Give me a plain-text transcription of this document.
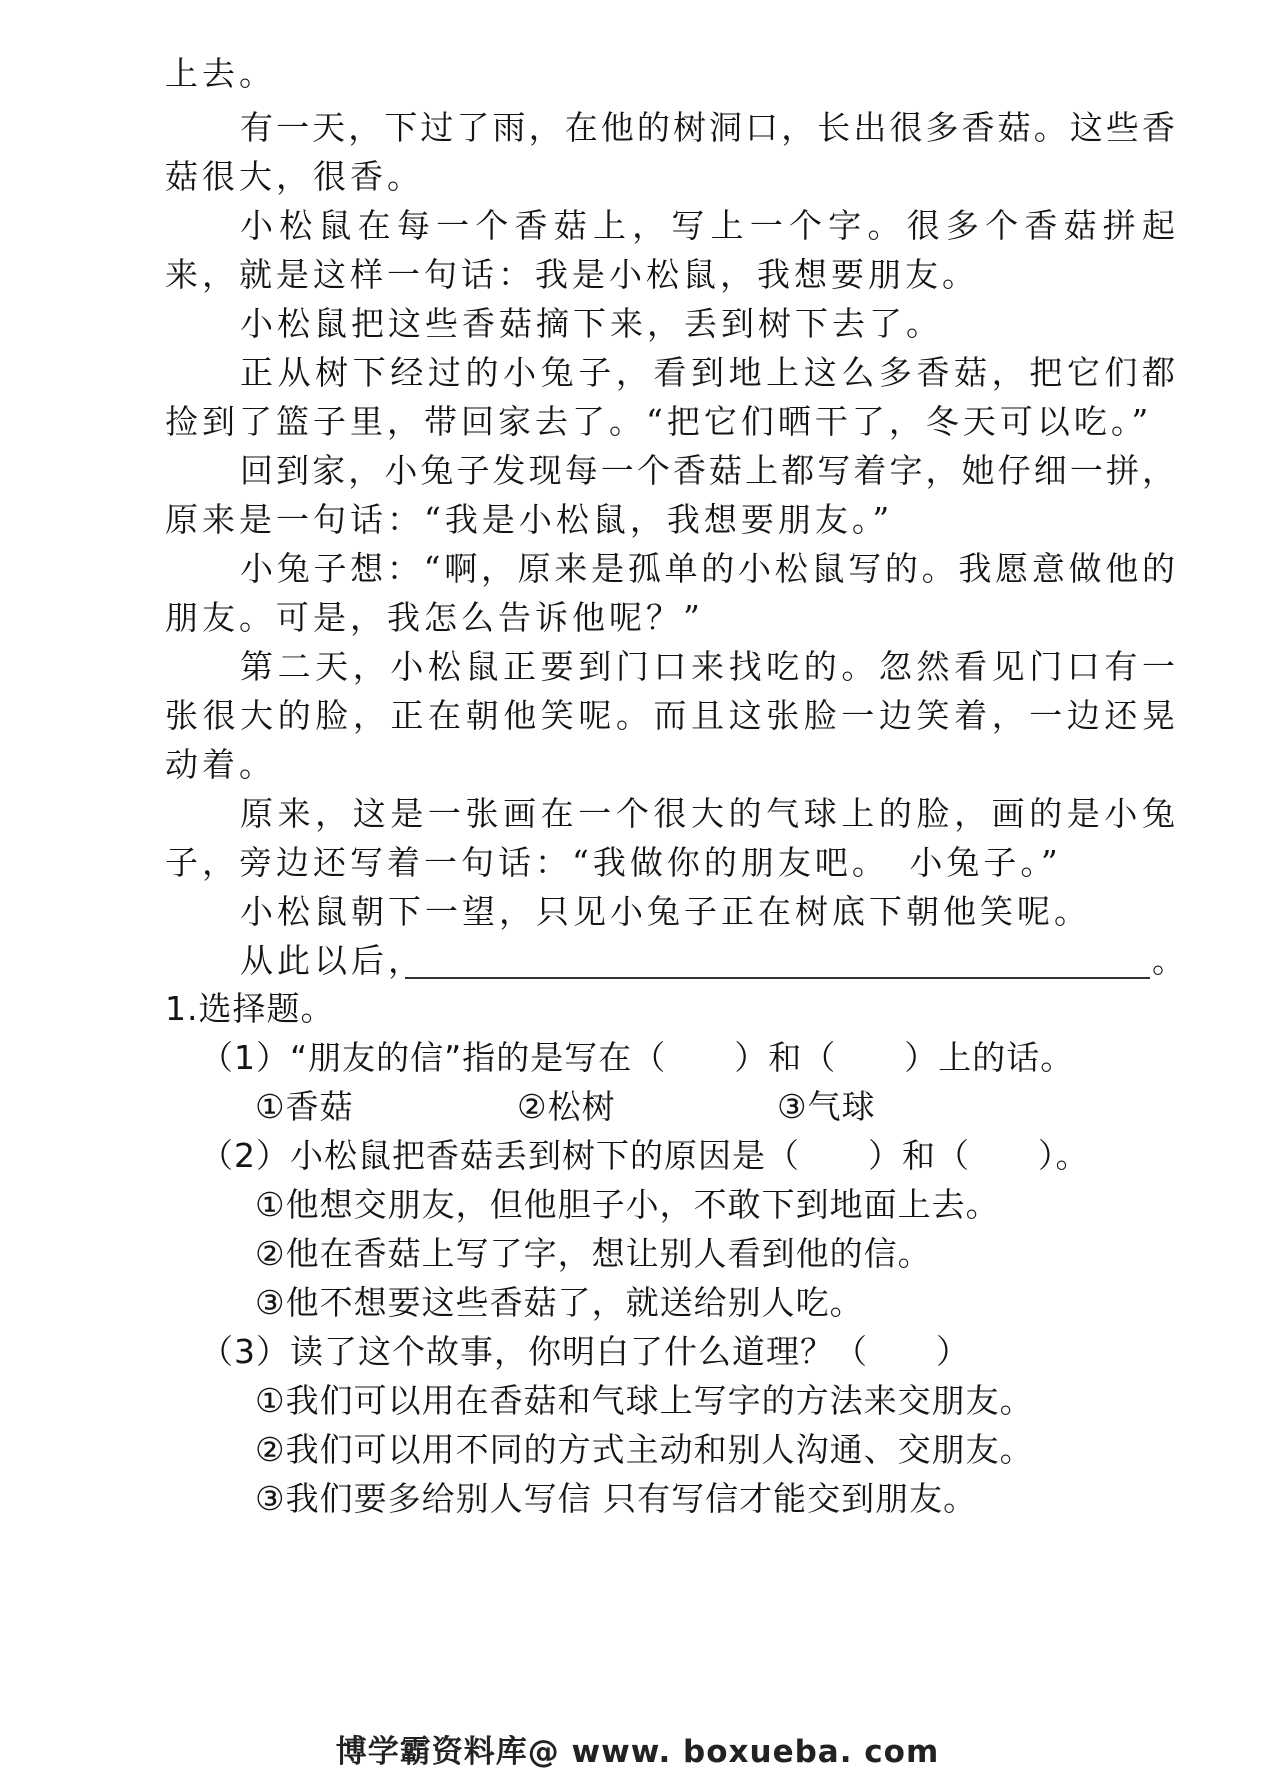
上去。
有一天，下过了雨，在他的树洞口，长出很多香菇。这些香
菇很大，很香。
小松鼠在每一个香菇上，写上一个字。很多个香菇拼起
来，就是这样一句话：我是小松鼠，我想要朋友。
小松鼠把这些香菇摘下来，丢到树下去了。
正从树下经过的小兔子，看到地上这么多香菇，把它们都
捡到了篮子里，带回家去了。“把它们晒干了，冬天可以吃。”
回到家，小兔子发现每一个香菇上都写着字，她仔细一拼，
原来是一句话：“我是小松鼠，我想要朋友。”
小兔子想：“啊，原来是孤单的小松鼠写的。我愿意做他的
朋友。可是，我怎么告诉他呢？”
第二天，小松鼠正要到门口来找吃的。忽然看见门口有一
张很大的脸，正在朝他笑呢。而且这张脸一边笑着，一边还晃
动着。
原来，这是一张画在一个很大的气球上的脸，画的是小兔
子，旁边还写着一句话：“我做你的朋友吧。　小兔子。”
小松鼠朝下一望，只见小兔子正在树底下朝他笑呢。
从此以后，	。
1.选择题。
（1）“朋友的信”指的是写在（　　）和（　　）上的话。
①香菇	②松树	③气球
（2）小松鼠把香菇丢到树下的原因是（　　）和（　　）。
①他想交朋友，但他胆子小，不敢下到地面上去。
②他在香菇上写了字，想让别人看到他的信。
③他不想要这些香菇了，就送给别人吃。
（3）读了这个故事，你明白了什么道理？（　　）
①我们可以用在香菇和气球上写字的方法来交朋友。
②我们可以用不同的方式主动和别人沟通、交朋友。
③我们要多给别人写信 只有写信才能交到朋友。
博学霸资料库@ www. boxueba. com
